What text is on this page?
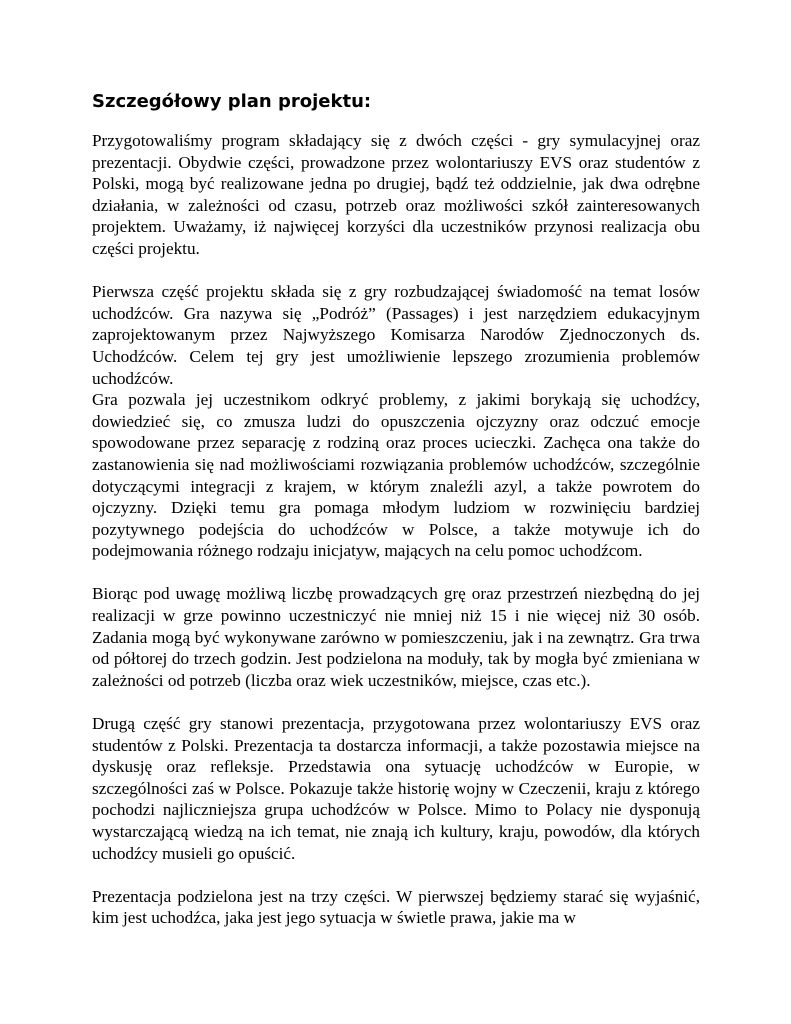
Szczegółowy plan projektu:

Przygotowaliśmy program składający się z dwóch części - gry symulacyjnej oraz prezentacji. Obydwie części, prowadzone przez wolontariuszy EVS oraz studentów z Polski, mogą być realizowane jedna po drugiej, bądź też oddzielnie, jak dwa odrębne działania, w zależności od czasu, potrzeb oraz możliwości szkół zainteresowanych projektem. Uważamy, iż najwięcej korzyści dla uczestników przynosi realizacja obu części projektu.

Pierwsza część projektu składa się z gry rozbudzającej świadomość na temat losów uchodźców. Gra nazywa się „Podróż” (Passages) i jest narzędziem edukacyjnym zaprojektowanym przez Najwyższego Komisarza Narodów Zjednoczonych ds. Uchodźców. Celem tej gry jest umożliwienie lepszego zrozumienia problemów uchodźców.

Gra pozwala jej uczestnikom odkryć problemy, z jakimi borykają się uchodźcy, dowiedzieć się, co zmusza ludzi do opuszczenia ojczyzny oraz odczuć emocje spowodowane przez separację z rodziną oraz proces ucieczki. Zachęca ona także do zastanowienia się nad możliwościami rozwiązania problemów uchodźców, szczególnie dotyczącymi integracji z krajem, w którym znaleźli azyl, a także powrotem do ojczyzny. Dzięki temu gra pomaga młodym ludziom w rozwinięciu bardziej pozytywnego podejścia do uchodźców w Polsce, a także motywuje ich do podejmowania różnego rodzaju inicjatyw, mających na celu pomoc uchodźcom.

Biorąc pod uwagę możliwą liczbę prowadzących grę oraz przestrzeń niezbędną do jej realizacji w grze powinno uczestniczyć nie mniej niż 15 i nie więcej niż 30 osób. Zadania mogą być wykonywane zarówno w pomieszczeniu, jak i na zewnątrz. Gra trwa od półtorej do trzech godzin. Jest podzielona na moduły, tak by mogła być zmieniana w zależności od potrzeb (liczba oraz wiek uczestników, miejsce, czas etc.).

Drugą część gry stanowi prezentacja, przygotowana przez wolontariuszy EVS oraz studentów z Polski. Prezentacja ta dostarcza informacji, a także pozostawia miejsce na dyskusję oraz refleksje. Przedstawia ona sytuację uchodźców w Europie, w szczególności zaś w Polsce. Pokazuje także historię wojny w Czeczenii, kraju z którego pochodzi najliczniejsza grupa uchodźców w Polsce. Mimo to Polacy nie dysponują wystarczającą wiedzą na ich temat, nie znają ich kultury, kraju, powodów, dla których uchodźcy musieli go opuścić.

Prezentacja podzielona jest na trzy części. W pierwszej będziemy starać się wyjaśnić, kim jest uchodźca, jaka jest jego sytuacja w świetle prawa, jakie ma w
